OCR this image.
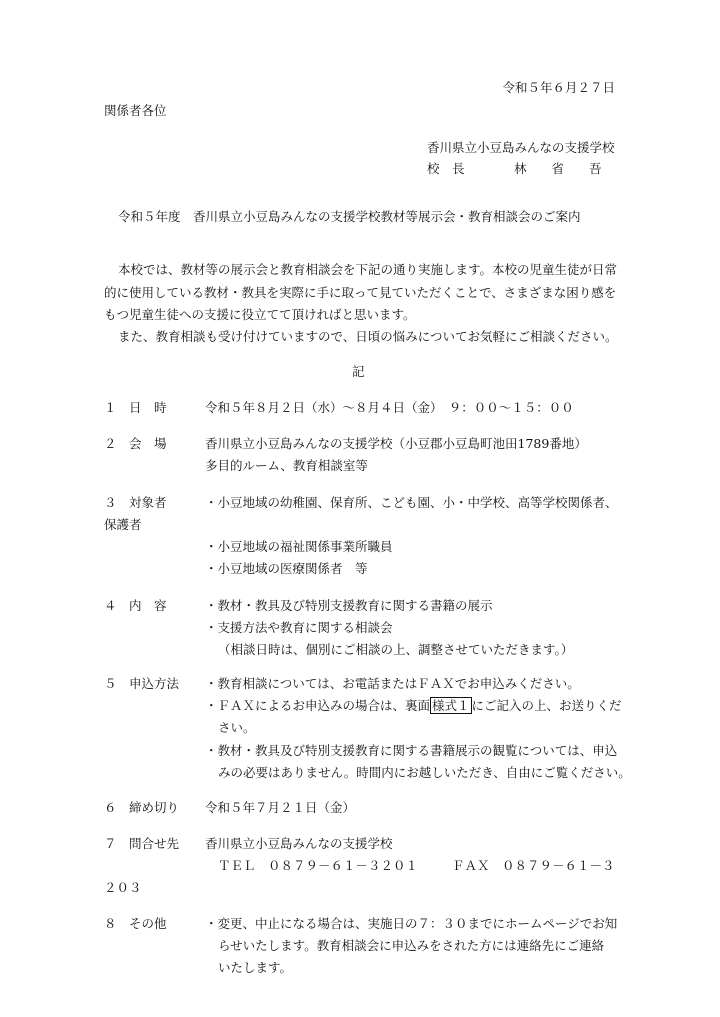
令和５年６月２７日
関係者各位
香川県立小豆島みんなの支援学校
校　長	林　　省　　吾
令和５年度　香川県立小豆島みんなの支援学校教材等展示会・教育相談会のご案内
本校では、教材等の展示会と教育相談会を下記の通り実施します。本校の児童生徒が日常
的に使用している教材・教具を実際に手に取って見ていただくことで、さまざまな困り感を
もつ児童生徒への支援に役立てて頂ければと思います。
また、教育相談も受け付けていますので、日頃の悩みについてお気軽にご相談ください。
記
１　日　時	令和５年８月２日（水）～８月４日（金）　９：００～１５：００
２　会　場	香川県立小豆島みんなの支援学校（小豆郡小豆島町池田1789番地）
多目的ルーム、教育相談室等
３　対象者	・小豆地域の幼稚園、保育所、こども園、小・中学校、高等学校関係者、
保護者
・小豆地域の福祉関係事業所職員
・小豆地域の医療関係者　等
４　内　容	・教材・教具及び特別支援教育に関する書籍の展示
・支援方法や教育に関する相談会
（相談日時は、個別にご相談の上、調整させていただきます。）
５　申込方法 ・教育相談については、お電話またはＦＡＸでお申込みください。
・ＦＡＸによるお申込みの場合は、裏面 様式１ にご記入の上、お送りくだ
さい。
・教材・教具及び特別支援教育に関する書籍展示の観覧については、申込
みの必要はありません。時間内にお越しいただき、自由にご覧ください。
６　締め切り 令和５年７月２１日（金）
７　問合せ先 香川県立小豆島みんなの支援学校
ＴＥＬ　０８７９－６１－３２０１	ＦＡＸ　０８７９－６１－３
２０３
８　その他	・変更、中止になる場合は、実施日の７：３０までにホームページでお知
らせいたします。教育相談会に申込みをされた方には連絡先にご連絡
いたします。
